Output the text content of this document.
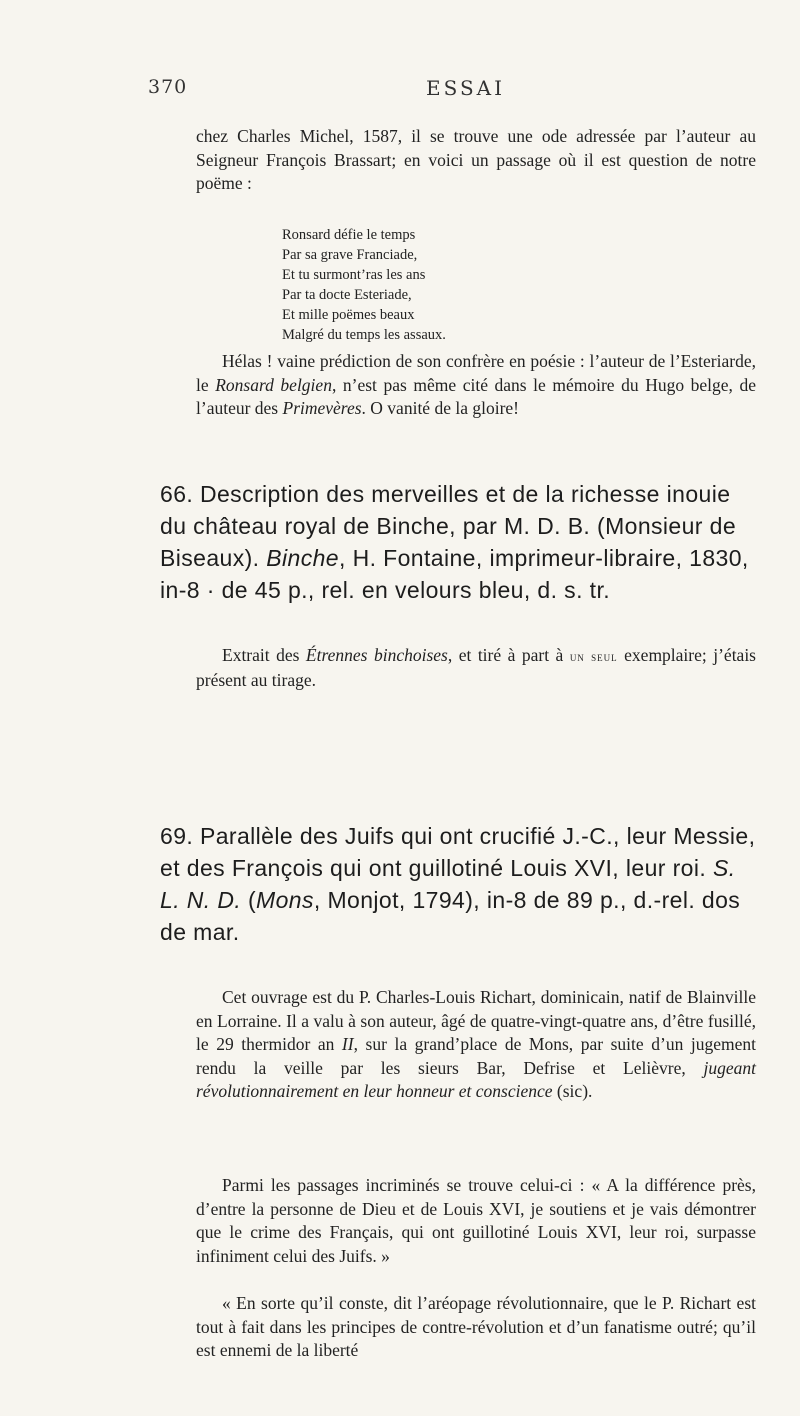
370	ESSAI
chez Charles Michel, 1587, il se trouve une ode adressée par l’auteur au Seigneur François Brassart; en voici un passage où il est question de notre poëme :
Ronsard défie le temps
Par sa grave Franciade,
Et tu surmont’ras les ans
Par ta docte Esteriade,
Et mille poëmes beaux
Malgré du temps les assaux.
Hélas ! vaine prédiction de son confrère en poésie : l’auteur de l’Esteriarde, le Ronsard belgien, n’est pas même cité dans le mémoire du Hugo belge, de l’auteur des Primevères. O vanité de la gloire!
66. Description des merveilles et de la richesse inouie du château royal de Binche, par M. D. B. (Monsieur de Biseaux). Binche, H. Fontaine, imprimeur-libraire, 1830, in-8 · de 45 p., rel. en velours bleu, d. s. tr.
Extrait des Étrennes binchoises, et tiré à part à un seul exemplaire; j’étais présent au tirage.
69. Parallèle des Juifs qui ont crucifié J.-C., leur Messie, et des François qui ont guillotiné Louis XVI, leur roi. S. L. N. D. (Mons, Monjot, 1794), in-8 de 89 p., d.-rel. dos de mar.
Cet ouvrage est du P. Charles-Louis Richart, dominicain, natif de Blainville en Lorraine. Il a valu à son auteur, âgé de quatre-vingt-quatre ans, d’être fusillé, le 29 thermidor an II, sur la grand’place de Mons, par suite d’un jugement rendu la veille par les sieurs Bar, Defrise et Lelièvre, jugeant révolutionnairement en leur honneur et conscience (sic).
Parmi les passages incriminés se trouve celui-ci : « A la différence près, d’entre la personne de Dieu et de Louis XVI, je soutiens et je vais démontrer que le crime des Français, qui ont guillotiné Louis XVI, leur roi, surpasse infiniment celui des Juifs. »
« En sorte qu’il conste, dit l’aréopage révolutionnaire, que le P. Richart est tout à fait dans les principes de contre-révolution et d’un fanatisme outré; qu’il est ennemi de la liberté
